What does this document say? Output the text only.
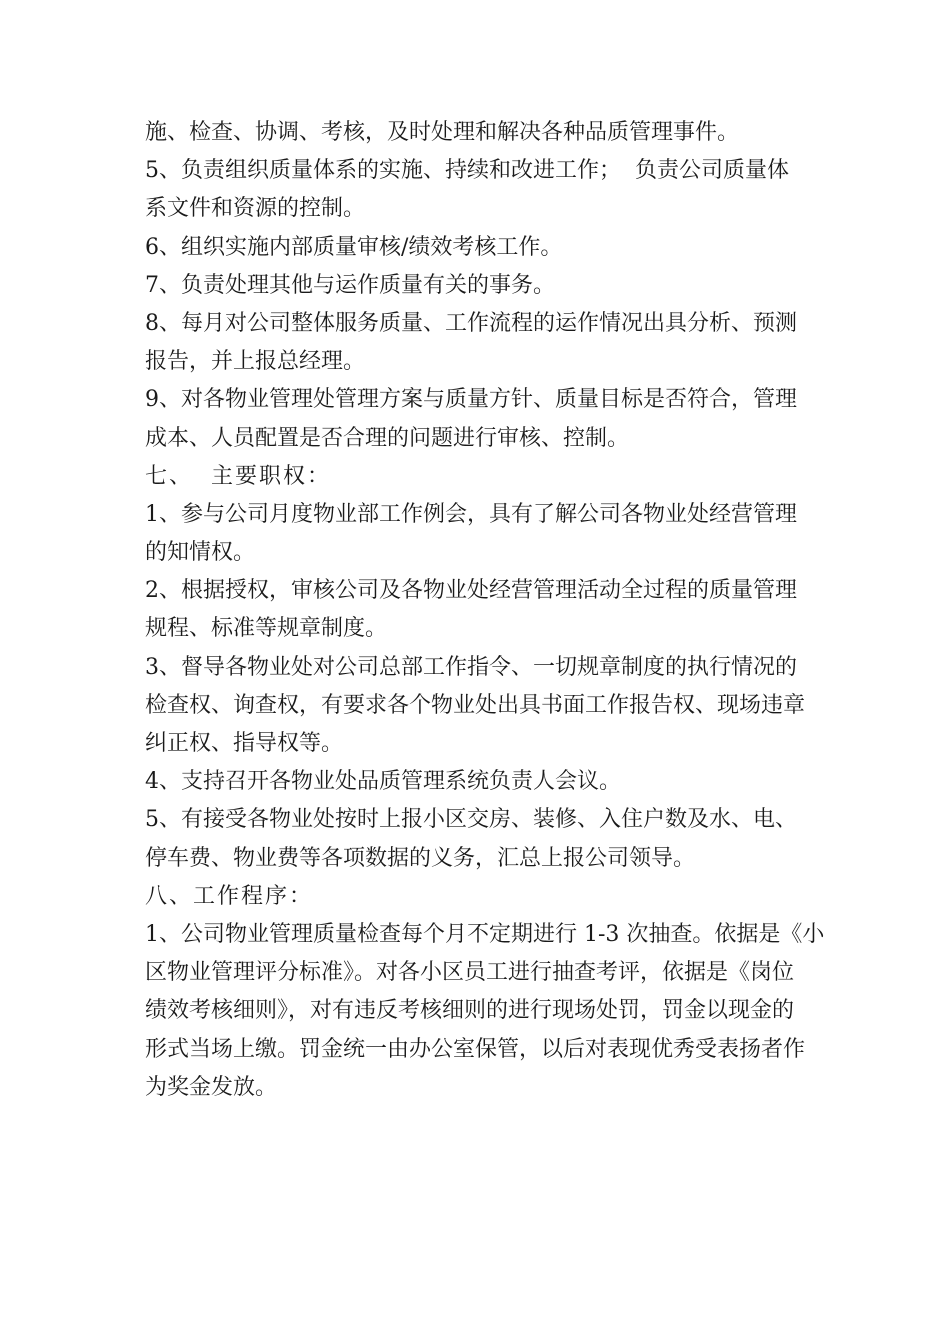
施、检查、协调、考核，及时处理和解决各种品质管理事件。
5、负责组织质量体系的实施、持续和改进工作；  负责公司质量体
系文件和资源的控制。
6、组织实施内部质量审核/绩效考核工作。
7、负责处理其他与运作质量有关的事务。
8、每月对公司整体服务质量、工作流程的运作情况出具分析、预测
报告，并上报总经理。
9、对各物业管理处管理方案与质量方针、质量目标是否符合，管理
成本、人员配置是否合理的问题进行审核、控制。
七、  主要职权：
1、参与公司月度物业部工作例会，具有了解公司各物业处经营管理
的知情权。
2、根据授权，审核公司及各物业处经营管理活动全过程的质量管理
规程、标准等规章制度。
3、督导各物业处对公司总部工作指令、一切规章制度的执行情况的
检查权、询查权，有要求各个物业处出具书面工作报告权、现场违章
纠正权、指导权等。
4、支持召开各物业处品质管理系统负责人会议。
5、有接受各物业处按时上报小区交房、装修、入住户数及水、电、
停车费、物业费等各项数据的义务，汇总上报公司领导。
八、工作程序：
1、公司物业管理质量检查每个月不定期进行 1-3 次抽查。依据是《小
区物业管理评分标准》。对各小区员工进行抽查考评，依据是《岗位
绩效考核细则》，对有违反考核细则的进行现场处罚，罚金以现金的
形式当场上缴。罚金统一由办公室保管，以后对表现优秀受表扬者作
为奖金发放。
